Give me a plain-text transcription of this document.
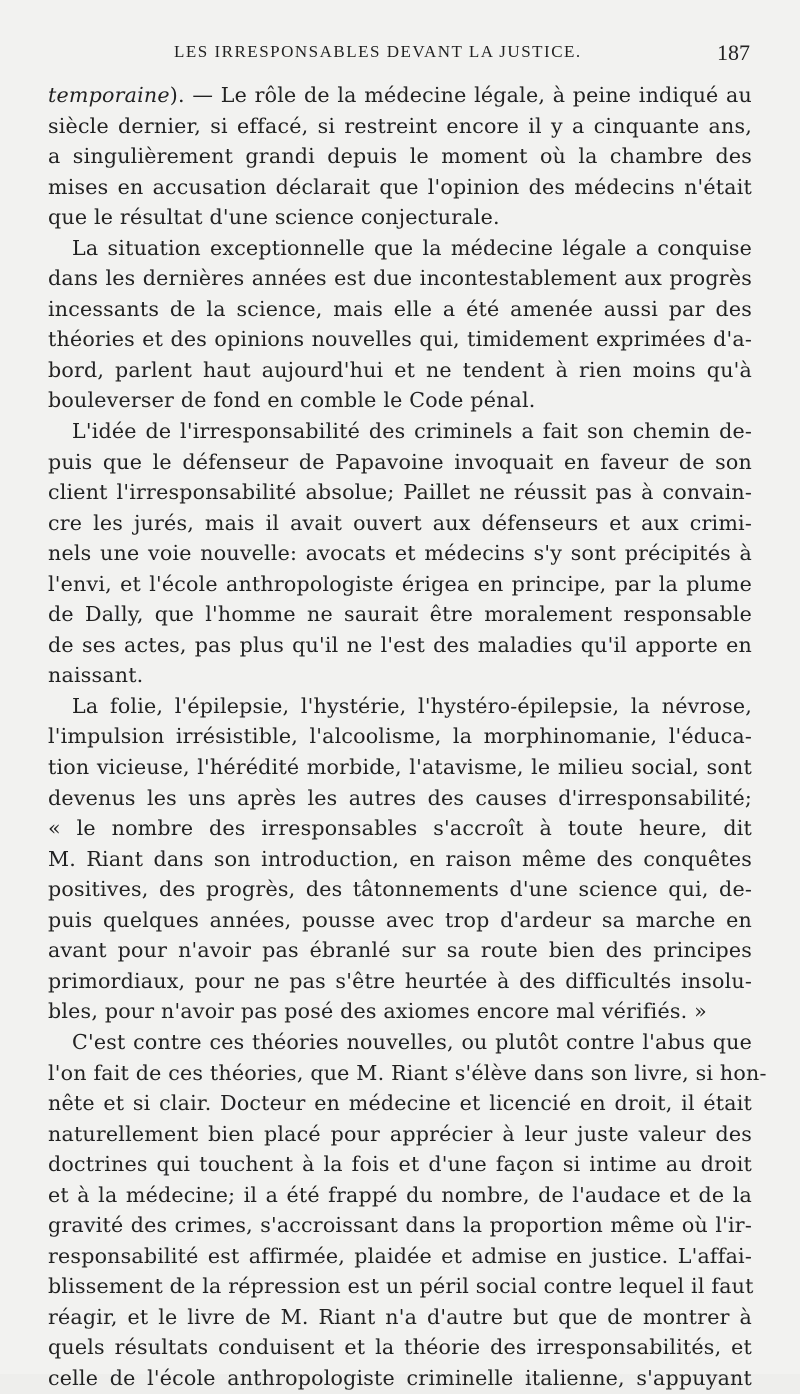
LES IRRESPONSABLES DEVANT LA JUSTICE.	187
temporaine). — Le rôle de la médecine légale, à peine indiqué au
siècle dernier, si effacé, si restreint encore il y a cinquante ans,
a singulièrement grandi depuis le moment où la chambre des
mises en accusation déclarait que l'opinion des médecins n'était
que le résultat d'une science conjecturale.
La situation exceptionnelle que la médecine légale a conquise
dans les dernières années est due incontestablement aux progrès
incessants de la science, mais elle a été amenée aussi par des
théories et des opinions nouvelles qui, timidement exprimées d'a-
bord, parlent haut aujourd'hui et ne tendent à rien moins qu'à
bouleverser de fond en comble le Code pénal.
L'idée de l'irresponsabilité des criminels a fait son chemin de-
puis que le défenseur de Papavoine invoquait en faveur de son
client l'irresponsabilité absolue; Paillet ne réussit pas à convain-
cre les jurés, mais il avait ouvert aux défenseurs et aux crimi-
nels une voie nouvelle: avocats et médecins s'y sont précipités à
l'envi, et l'école anthropologiste érigea en principe, par la plume
de Dally, que l'homme ne saurait être moralement responsable
de ses actes, pas plus qu'il ne l'est des maladies qu'il apporte en
naissant.
La folie, l'épilepsie, l'hystérie, l'hystéro-épilepsie, la névrose,
l'impulsion irrésistible, l'alcoolisme, la morphinomanie, l'éduca-
tion vicieuse, l'hérédité morbide, l'atavisme, le milieu social, sont
devenus les uns après les autres des causes d'irresponsabilité;
« le nombre des irresponsables s'accroît à toute heure, dit
M. Riant dans son introduction, en raison même des conquêtes
positives, des progrès, des tâtonnements d'une science qui, de-
puis quelques années, pousse avec trop d'ardeur sa marche en
avant pour n'avoir pas ébranlé sur sa route bien des principes
primordiaux, pour ne pas s'être heurtée à des difficultés insolu-
bles, pour n'avoir pas posé des axiomes encore mal vérifiés. »
C'est contre ces théories nouvelles, ou plutôt contre l'abus que
l'on fait de ces théories, que M. Riant s'élève dans son livre, si hon-
nête et si clair. Docteur en médecine et licencié en droit, il était
naturellement bien placé pour apprécier à leur juste valeur des
doctrines qui touchent à la fois et d'une façon si intime au droit
et à la médecine; il a été frappé du nombre, de l'audace et de la
gravité des crimes, s'accroissant dans la proportion même où l'ir-
responsabilité est affirmée, plaidée et admise en justice. L'affai-
blissement de la répression est un péril social contre lequel il faut
réagir, et le livre de M. Riant n'a d'autre but que de montrer à
quels résultats conduisent et la théorie des irresponsabilités, et
celle de l'école anthropologiste criminelle italienne, s'appuyant
